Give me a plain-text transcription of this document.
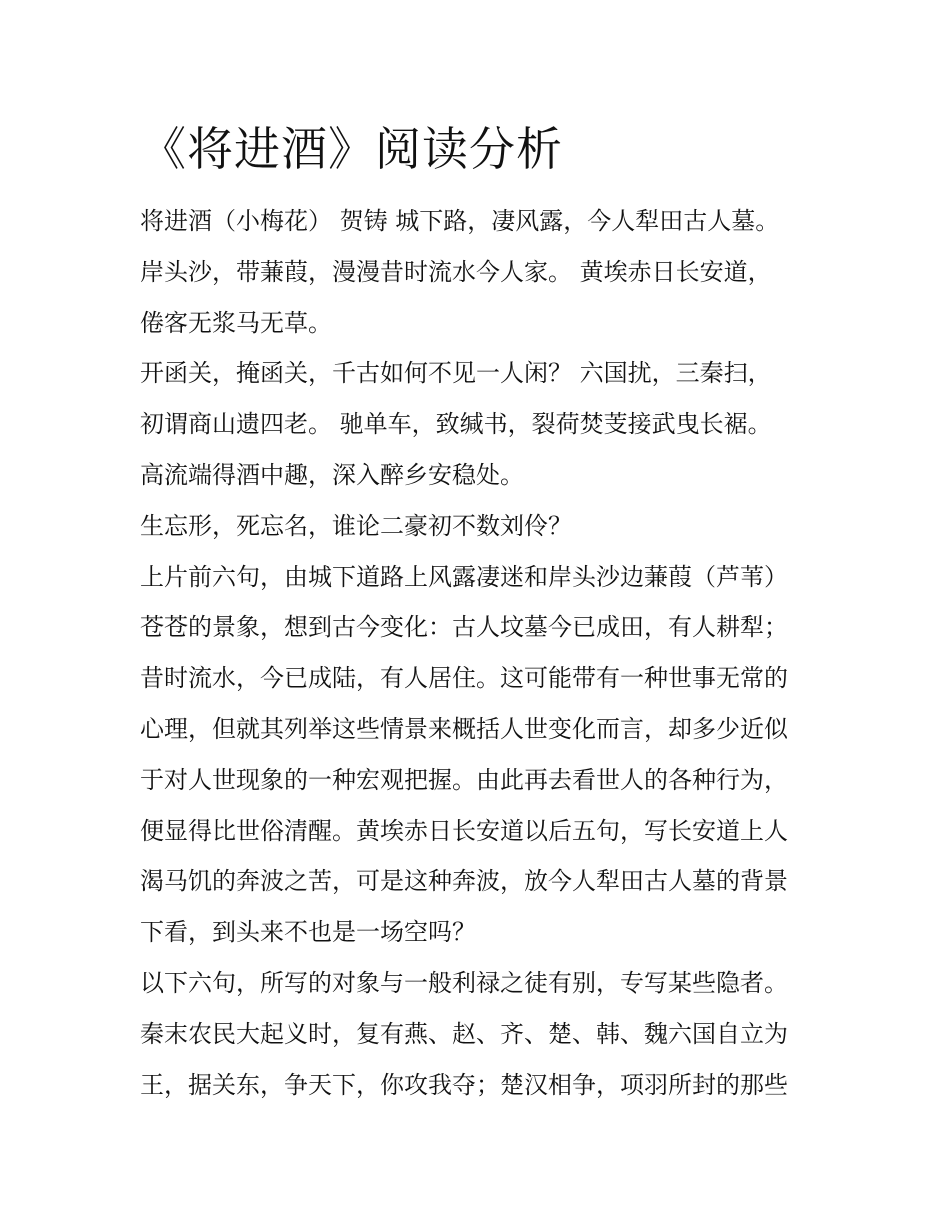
《将进酒》阅读分析
将进酒（小梅花） 贺铸 城下路，凄风露，今人犁田古人墓。
岸头沙，带蒹葭，漫漫昔时流水今人家。 黄埃赤日长安道，
倦客无浆马无草。
开函关，掩函关，千古如何不见一人闲？ 六国扰，三秦扫，
初谓商山遗四老。 驰单车，致缄书，裂荷焚芰接武曳长裾。
高流端得酒中趣，深入醉乡安稳处。
生忘形，死忘名，谁论二豪初不数刘伶？
上片前六句，由城下道路上风露凄迷和岸头沙边蒹葭（芦苇）
苍苍的景象，想到古今变化：古人坟墓今已成田，有人耕犁；
昔时流水，今已成陆，有人居住。这可能带有一种世事无常的
心理，但就其列举这些情景来概括人世变化而言，却多少近似
于对人世现象的一种宏观把握。由此再去看世人的各种行为，
便显得比世俗清醒。黄埃赤日长安道以后五句，写长安道上人
渴马饥的奔波之苦，可是这种奔波，放今人犁田古人墓的背景
下看，到头来不也是一场空吗？
以下六句，所写的对象与一般利禄之徒有别，专写某些隐者。
秦末农民大起义时，复有燕、赵、齐、楚、韩、魏六国自立为
王，据关东，争天下，你攻我夺；楚汉相争，项羽所封的那些
